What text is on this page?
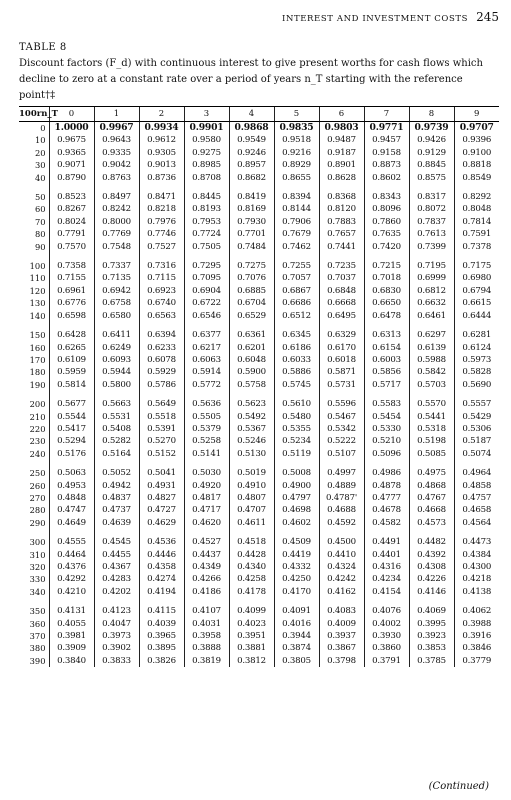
INTEREST AND INVESTMENT COSTS 245
TABLE 8
Discount factors (F_d) with continuous interest to give present worths for cash flows which decline to zero at a constant rate over a period of years n_T starting with the reference point†‡
100rn_T	0	1	2	3	4	5	6	7	8	9
0	1.0000	0.9967	0.9934	0.9901	0.9868	0.9835	0.9803	0.9771	0.9739	0.9707
10	0.9675	0.9643	0.9612	0.9580	0.9549	0.9518	0.9487	0.9457	0.9426	0.9396
20	0.9365	0.9335	0.9305	0.9275	0.9246	0.9216	0.9187	0.9158	0.9129	0.9100
30	0.9071	0.9042	0.9013	0.8985	0.8957	0.8929	0.8901	0.8873	0.8845	0.8818
40	0.8790	0.8763	0.8736	0.8708	0.8682	0.8655	0.8628	0.8602	0.8575	0.8549

50	0.8523	0.8497	0.8471	0.8445	0.8419	0.8394	0.8368	0.8343	0.8317	0.8292
60	0.8267	0.8242	0.8218	0.8193	0.8169	0.8144	0.8120	0.8096	0.8072	0.8048
70	0.8024	0.8000	0.7976	0.7953	0.7930	0.7906	0.7883	0.7860	0.7837	0.7814
80	0.7791	0.7769	0.7746	0.7724	0.7701	0.7679	0.7657	0.7635	0.7613	0.7591
90	0.7570	0.7548	0.7527	0.7505	0.7484	0.7462	0.7441	0.7420	0.7399	0.7378

100	0.7358	0.7337	0.7316	0.7295	0.7275	0.7255	0.7235	0.7215	0.7195	0.7175
110	0.7155	0.7135	0.7115	0.7095	0.7076	0.7057	0.7037	0.7018	0.6999	0.6980
120	0.6961	0.6942	0.6923	0.6904	0.6885	0.6867	0.6848	0.6830	0.6812	0.6794
130	0.6776	0.6758	0.6740	0.6722	0.6704	0.6686	0.6668	0.6650	0.6632	0.6615
140	0.6598	0.6580	0.6563	0.6546	0.6529	0.6512	0.6495	0.6478	0.6461	0.6444

150	0.6428	0.6411	0.6394	0.6377	0.6361	0.6345	0.6329	0.6313	0.6297	0.6281
160	0.6265	0.6249	0.6233	0.6217	0.6201	0.6186	0.6170	0.6154	0.6139	0.6124
170	0.6109	0.6093	0.6078	0.6063	0.6048	0.6033	0.6018	0.6003	0.5988	0.5973
180	0.5959	0.5944	0.5929	0.5914	0.5900	0.5886	0.5871	0.5856	0.5842	0.5828
190	0.5814	0.5800	0.5786	0.5772	0.5758	0.5745	0.5731	0.5717	0.5703	0.5690

200	0.5677	0.5663	0.5649	0.5636	0.5623	0.5610	0.5596	0.5583	0.5570	0.5557
210	0.5544	0.5531	0.5518	0.5505	0.5492	0.5480	0.5467	0.5454	0.5441	0.5429
220	0.5417	0.5408	0.5391	0.5379	0.5367	0.5355	0.5342	0.5330	0.5318	0.5306
230	0.5294	0.5282	0.5270	0.5258	0.5246	0.5234	0.5222	0.5210	0.5198	0.5187
240	0.5176	0.5164	0.5152	0.5141	0.5130	0.5119	0.5107	0.5096	0.5085	0.5074

250	0.5063	0.5052	0.5041	0.5030	0.5019	0.5008	0.4997	0.4986	0.4975	0.4964
260	0.4953	0.4942	0.4931	0.4920	0.4910	0.4900	0.4889	0.4878	0.4868	0.4858
270	0.4848	0.4837	0.4827	0.4817	0.4807	0.4797	0.4787'	0.4777	0.4767	0.4757
280	0.4747	0.4737	0.4727	0.4717	0.4707	0.4698	0.4688	0.4678	0.4668	0.4658
290	0.4649	0.4639	0.4629	0.4620	0.4611	0.4602	0.4592	0.4582	0.4573	0.4564

300	0.4555	0.4545	0.4536	0.4527	0.4518	0.4509	0.4500	0.4491	0.4482	0.4473
310	0.4464	0.4455	0.4446	0.4437	0.4428	0.4419	0.4410	0.4401	0.4392	0.4384
320	0.4376	0.4367	0.4358	0.4349	0.4340	0.4332	0.4324	0.4316	0.4308	0.4300
330	0.4292	0.4283	0.4274	0.4266	0.4258	0.4250	0.4242	0.4234	0.4226	0.4218
340	0.4210	0.4202	0.4194	0.4186	0.4178	0.4170	0.4162	0.4154	0.4146	0.4138

350	0.4131	0.4123	0.4115	0.4107	0.4099	0.4091	0.4083	0.4076	0.4069	0.4062
360	0.4055	0.4047	0.4039	0.4031	0.4023	0.4016	0.4009	0.4002	0.3995	0.3988
370	0.3981	0.3973	0.3965	0.3958	0.3951	0.3944	0.3937	0.3930	0.3923	0.3916
380	0.3909	0.3902	0.3895	0.3888	0.3881	0.3874	0.3867	0.3860	0.3853	0.3846
390	0.3840	0.3833	0.3826	0.3819	0.3812	0.3805	0.3798	0.3791	0.3785	0.3779
(Continued)
